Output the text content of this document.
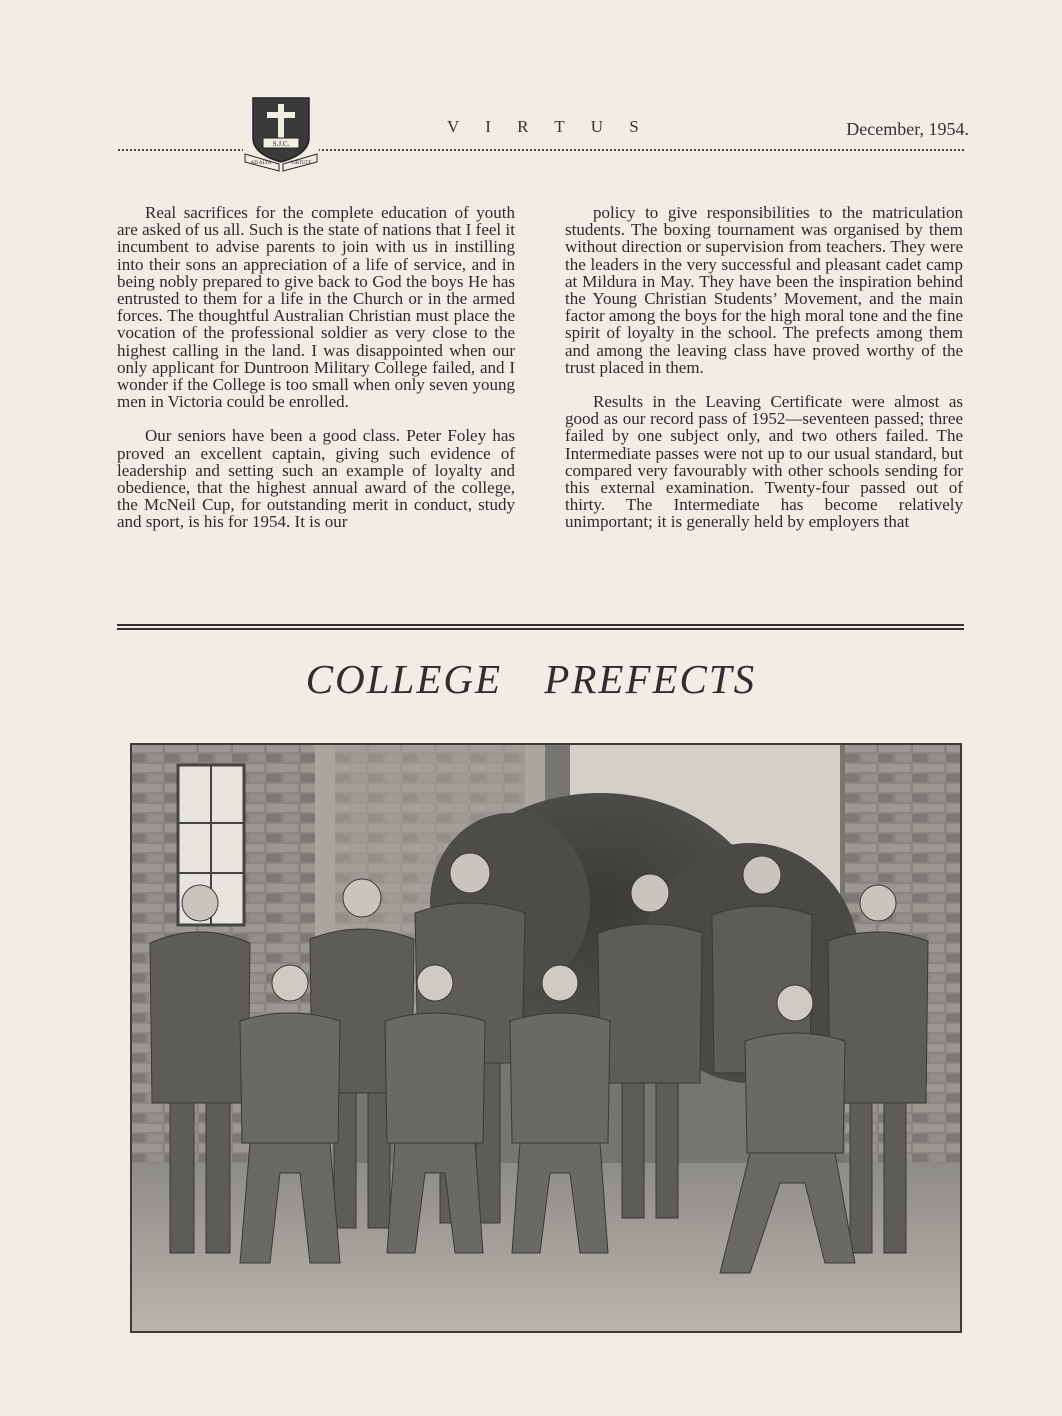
S.J.C.
AD ALTA	VIRTUTE
V I R T U S	December, 1954.

Real sacrifices for the complete education of youth are asked of us all. Such is the state of nations that I feel it incumbent to advise parents to join with us in instilling into their sons an appreciation of a life of service, and in being nobly prepared to give back to God the boys He has entrusted to them for a life in the Church or in the armed forces. The thoughtful Australian Christian must place the vocation of the professional soldier as very close to the highest calling in the land. I was disappointed when our only applicant for Duntroon Military College failed, and I wonder if the College is too small when only seven young men in Victoria could be enrolled.

Our seniors have been a good class. Peter Foley has proved an excellent captain, giving such evidence of leadership and setting such an example of loyalty and obedience, that the highest annual award of the college, the McNeil Cup, for outstanding merit in conduct, study and sport, is his for 1954. It is our

policy to give responsibilities to the matriculation students. The boxing tournament was organised by them without direction or supervision from teachers. They were the leaders in the very successful and pleasant cadet camp at Mildura in May. They have been the inspiration behind the Young Christian Students’ Movement, and the main factor among the boys for the high moral tone and the fine spirit of loyalty in the school. The prefects among them and among the leaving class have proved worthy of the trust placed in them.

Results in the Leaving Certificate were almost as good as our record pass of 1952—seventeen passed; three failed by one subject only, and two others failed. The Intermediate passes were not up to our usual standard, but compared very favourably with other schools sending for this external examination. Twenty-four passed out of thirty. The Intermediate has become relatively unimportant; it is generally held by employers that

COLLEGE PREFECTS
